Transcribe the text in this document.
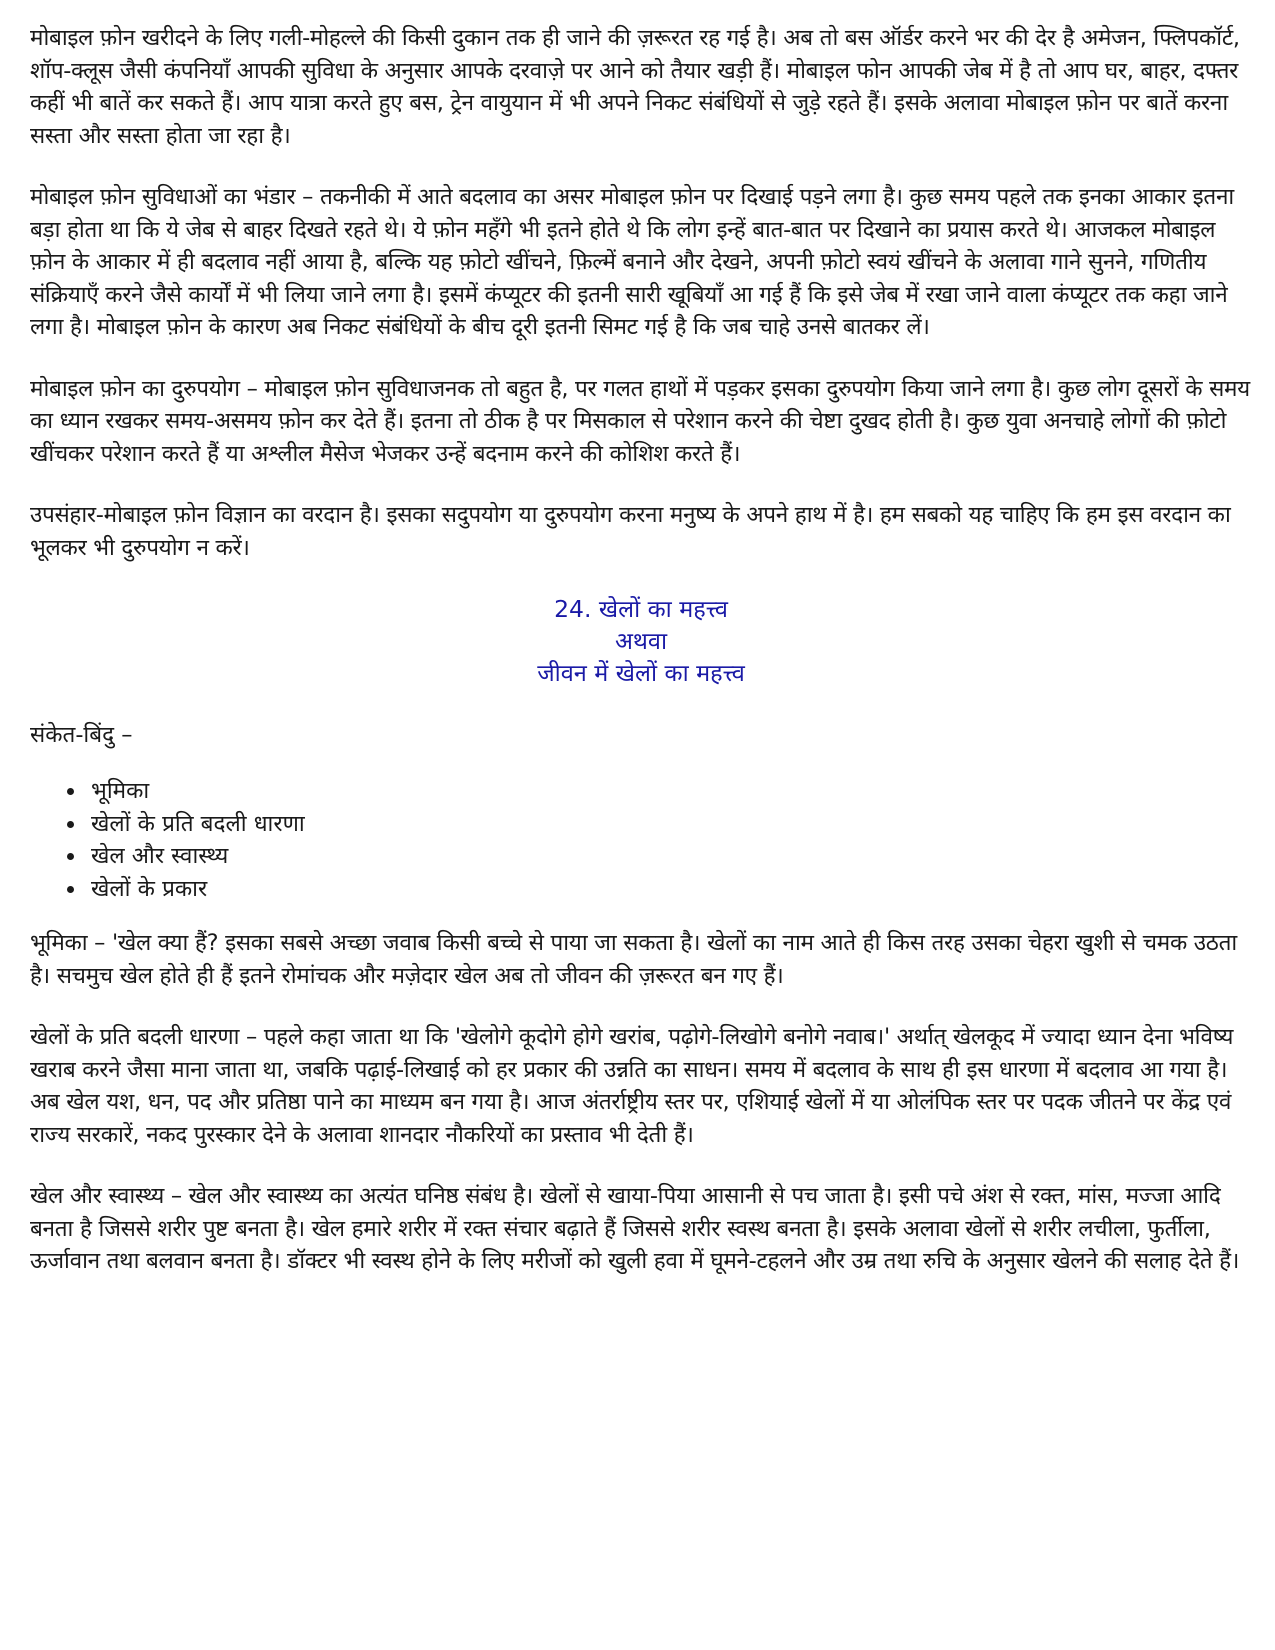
मोबाइल फ़ोन खरीदने के लिए गली-मोहल्ले की किसी दुकान तक ही जाने की ज़रूरत रह गई है। अब तो बस ऑर्डर करने भर की देर है अमेजन, फ्लिपकॉर्ट, शॉप-क्लूस जैसी कंपनियाँ आपकी सुविधा के अनुसार आपके दरवाज़े पर आने को तैयार खड़ी हैं। मोबाइल फोन आपकी जेब में है तो आप घर, बाहर, दफ्तर कहीं भी बातें कर सकते हैं। आप यात्रा करते हुए बस, ट्रेन वायुयान में भी अपने निकट संबंधियों से जुड़े रहते हैं। इसके अलावा मोबाइल फ़ोन पर बातें करना सस्ता और सस्ता होता जा रहा है।

मोबाइल फ़ोन सुविधाओं का भंडार – तकनीकी में आते बदलाव का असर मोबाइल फ़ोन पर दिखाई पड़ने लगा है। कुछ समय पहले तक इनका आकार इतना बड़ा होता था कि ये जेब से बाहर दिखते रहते थे। ये फ़ोन महँगे भी इतने होते थे कि लोग इन्हें बात-बात पर दिखाने का प्रयास करते थे। आजकल मोबाइल फ़ोन के आकार में ही बदलाव नहीं आया है, बल्कि यह फ़ोटो खींचने, फ़िल्में बनाने और देखने, अपनी फ़ोटो स्वयं खींचने के अलावा गाने सुनने, गणितीय संक्रियाएँ करने जैसे कार्यों में भी लिया जाने लगा है। इसमें कंप्यूटर की इतनी सारी खूबियाँ आ गई हैं कि इसे जेब में रखा जाने वाला कंप्यूटर तक कहा जाने लगा है। मोबाइल फ़ोन के कारण अब निकट संबंधियों के बीच दूरी इतनी सिमट गई है कि जब चाहे उनसे बातकर लें।

मोबाइल फ़ोन का दुरुपयोग – मोबाइल फ़ोन सुविधाजनक तो बहुत है, पर गलत हाथों में पड़कर इसका दुरुपयोग किया जाने लगा है। कुछ लोग दूसरों के समय का ध्यान रखकर समय-असमय फ़ोन कर देते हैं। इतना तो ठीक है पर मिसकाल से परेशान करने की चेष्टा दुखद होती है। कुछ युवा अनचाहे लोगों की फ़ोटो खींचकर परेशान करते हैं या अश्लील मैसेज भेजकर उन्हें बदनाम करने की कोशिश करते हैं।

उपसंहार-मोबाइल फ़ोन विज्ञान का वरदान है। इसका सदुपयोग या दुरुपयोग करना मनुष्य के अपने हाथ में है। हम सबको यह चाहिए कि हम इस वरदान का भूलकर भी दुरुपयोग न करें।

24. खेलों का महत्त्व
अथवा
जीवन में खेलों का महत्त्व
संकेत-बिंदु –
• भूमिका
• खेलों के प्रति बदली धारणा
• खेल और स्वास्थ्य
• खेलों के प्रकार

भूमिका – 'खेल क्या हैं? इसका सबसे अच्छा जवाब किसी बच्चे से पाया जा सकता है। खेलों का नाम आते ही किस तरह उसका चेहरा खुशी से चमक उठता है। सचमुच खेल होते ही हैं इतने रोमांचक और मज़ेदार खेल अब तो जीवन की ज़रूरत बन गए हैं।

खेलों के प्रति बदली धारणा – पहले कहा जाता था कि 'खेलोगे कूदोगे होगे खरांब, पढ़ोगे-लिखोगे बनोगे नवाब।' अर्थात् खेलकूद में ज्यादा ध्यान देना भविष्य खराब करने जैसा माना जाता था, जबकि पढ़ाई-लिखाई को हर प्रकार की उन्नति का साधन। समय में बदलाव के साथ ही इस धारणा में बदलाव आ गया है। अब खेल यश, धन, पद और प्रतिष्ठा पाने का माध्यम बन गया है। आज अंतर्राष्ट्रीय स्तर पर, एशियाई खेलों में या ओलंपिक स्तर पर पदक जीतने पर केंद्र एवं राज्य सरकारें, नकद पुरस्कार देने के अलावा शानदार नौकरियों का प्रस्ताव भी देती हैं।

खेल और स्वास्थ्य – खेल और स्वास्थ्य का अत्यंत घनिष्ठ संबंध है। खेलों से खाया-पिया आसानी से पच जाता है। इसी पचे अंश से रक्त, मांस, मज्जा आदि बनता है जिससे शरीर पुष्ट बनता है। खेल हमारे शरीर में रक्त संचार बढ़ाते हैं जिससे शरीर स्वस्थ बनता है। इसके अलावा खेलों से शरीर लचीला, फुर्तीला, ऊर्जावान तथा बलवान बनता है। डॉक्टर भी स्वस्थ होने के लिए मरीजों को खुली हवा में घूमने-टहलने और उम्र तथा रुचि के अनुसार खेलने की सलाह देते हैं।
